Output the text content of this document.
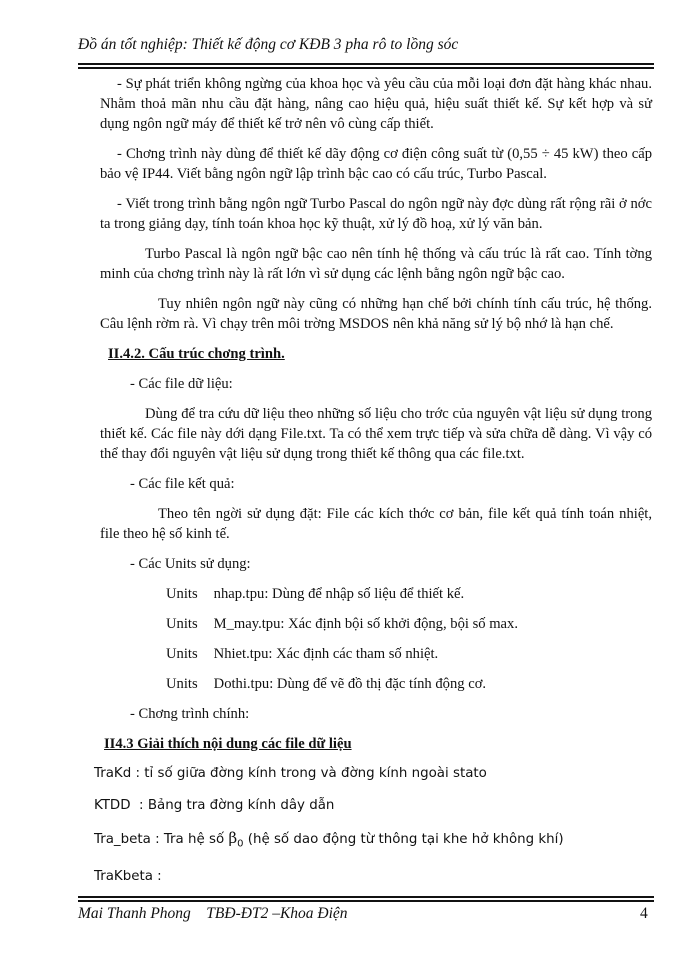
Đồ án tốt nghiệp: Thiết kế động cơ KĐB 3 pha rô to lồng sóc

- Sự phát triển không ngừng của khoa học và yêu cầu của mỗi loại đơn đặt hàng khác nhau. Nhằm thoả mãn nhu cầu đặt hàng, nâng cao hiệu quả, hiệu suất thiết kế. Sự kết hợp và sử dụng ngôn ngữ máy để thiết kế trở nên vô cùng cấp thiết.

- Chơng trình này dùng để thiết kế dãy động cơ điện công suất từ (0,55 ÷ 45 kW) theo cấp bảo vệ IP44. Viết bằng ngôn ngữ lập trình bậc cao có cấu trúc, Turbo Pascal.

- Viết trong trình bằng ngôn ngữ Turbo Pascal do ngôn ngữ này đợc dùng rất rộng rãi ở nớc ta trong giảng dạy, tính toán khoa học kỹ thuật, xử lý đồ hoạ, xử lý văn bản.

Turbo Pascal là ngôn ngữ bậc cao nên tính hệ thống và cấu trúc là rất cao. Tính tờng minh của chơng trình này là rất lớn vì sử dụng các lệnh bằng ngôn ngữ bậc cao.

Tuy nhiên ngôn ngữ này cũng có những hạn chế bởi chính tính cấu trúc, hệ thống. Câu lệnh rờm rà. Vì chạy trên môi trờng MSDOS nên khả năng sử lý bộ nhớ là hạn chế.

II.4.2. Cấu trúc chơng trình.

- Các file dữ liệu:

Dùng để tra cứu dữ liệu theo những số liệu cho trớc của nguyên vật liệu sử dụng trong thiết kế. Các file này dới dạng File.txt. Ta có thể xem trực tiếp và sửa chữa dễ dàng. Vì vậy có thể thay đổi nguyên vật liệu sử dụng trong thiết kế thông qua các file.txt.

- Các file kết quả:

Theo tên ngời sử dụng đặt: File các kích thớc cơ bản, file kết quả tính toán nhiệt, file theo hệ số kinh tế.

- Các Units sử dụng:

Units nhap.tpu: Dùng để nhập số liệu để thiết kế.

Units M_may.tpu: Xác định bội số khởi động, bội số max.

Units Nhiet.tpu: Xác định các tham số nhiệt.

Units Dothi.tpu: Dùng để vẽ đồ thị đặc tính động cơ.

- Chơng trình chính:

II4.3 Giải thích nội dung các file dữ liệu

TraKd : tỉ số giữa đờng kính trong và đờng kính ngoài stato

KTDD  : Bảng tra đờng kính dây dẫn

Tra_beta : Tra hệ số $\beta_0$ (hệ số dao động từ thông tại khe hở không khí)

TraKbeta :

Mai Thanh Phong    TBĐ-ĐT2 –Khoa Điện	4
